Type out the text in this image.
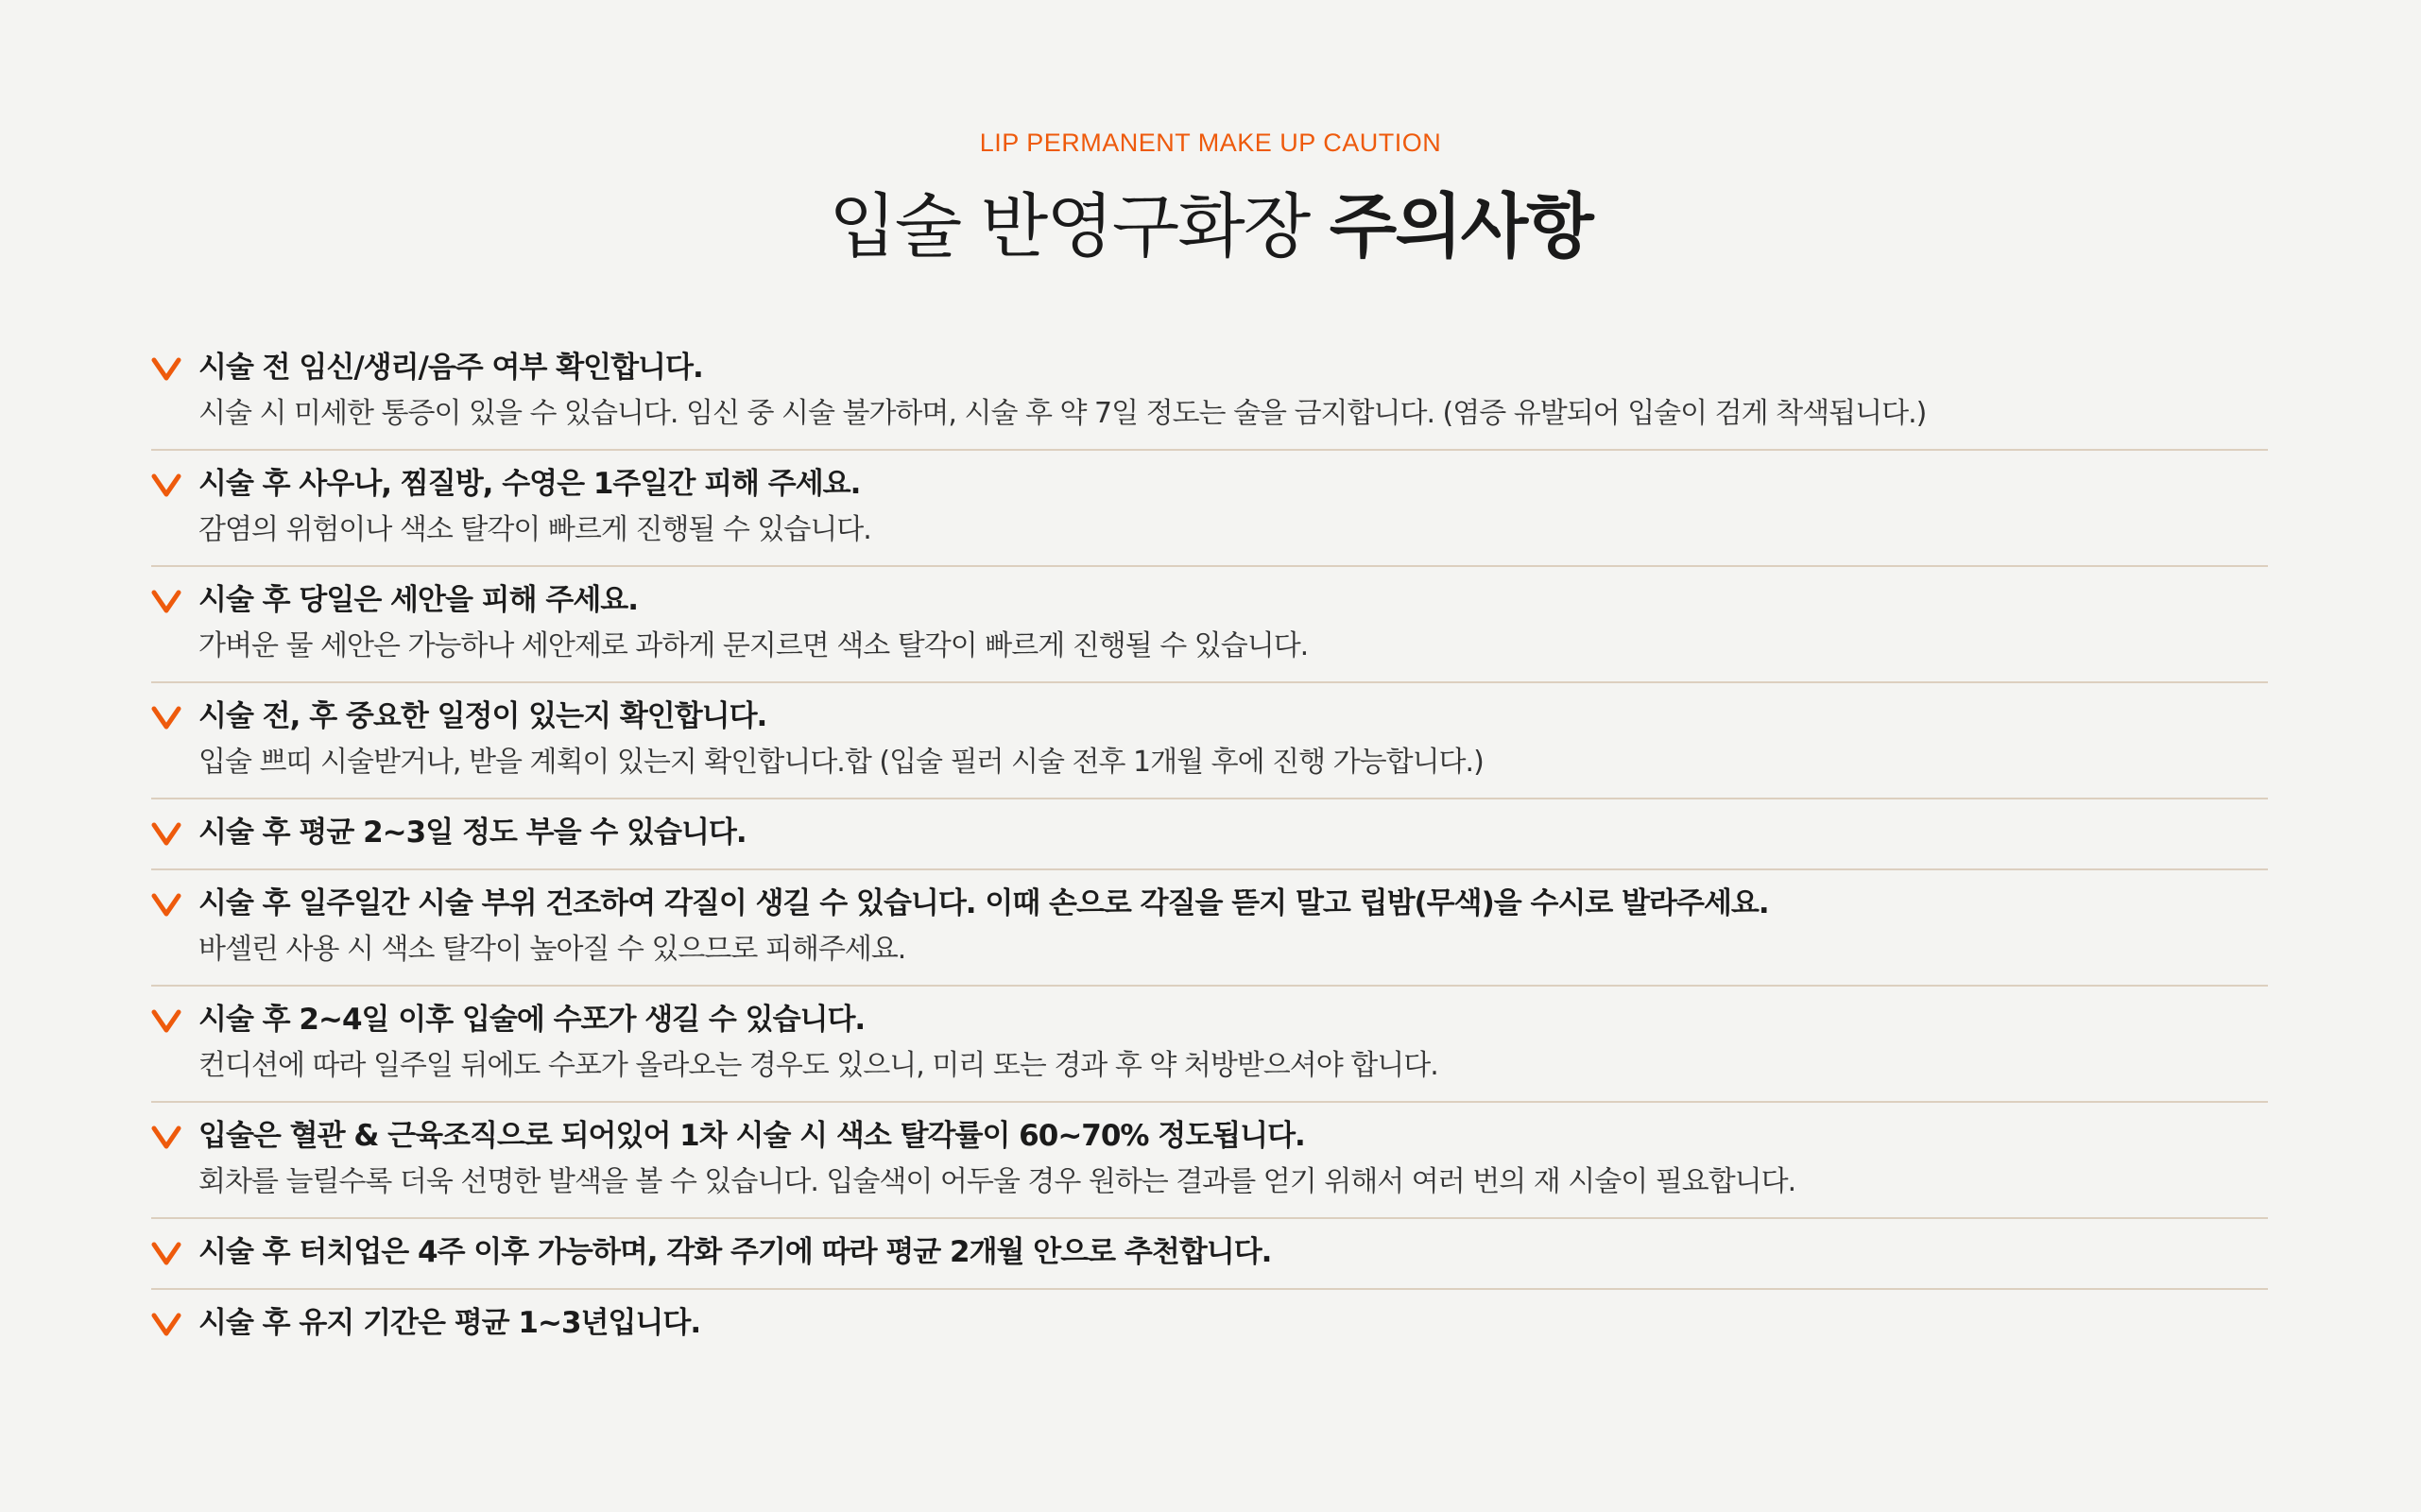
LIP PERMANENT MAKE UP CAUTION
입술 반영구화장 주의사항
시술 전 임신/생리/음주 여부 확인합니다.
시술 시 미세한 통증이 있을 수 있습니다. 임신 중 시술 불가하며, 시술 후 약 7일 정도는 술을 금지합니다. (염증 유발되어 입술이 검게 착색됩니다.)
시술 후 사우나, 찜질방, 수영은 1주일간 피해 주세요.
감염의 위험이나 색소 탈각이 빠르게 진행될 수 있습니다.
시술 후 당일은 세안을 피해 주세요.
가벼운 물 세안은 가능하나 세안제로 과하게 문지르면 색소 탈각이 빠르게 진행될 수 있습니다.
시술 전, 후 중요한 일정이 있는지 확인합니다.
입술 쁘띠 시술받거나, 받을 계획이 있는지 확인합니다.합 (입술 필러 시술 전후 1개월 후에 진행 가능합니다.)
시술 후 평균 2~3일 정도 부을 수 있습니다.
시술 후 일주일간 시술 부위 건조하여 각질이 생길 수 있습니다. 이때 손으로 각질을 뜯지 말고 립밤(무색)을 수시로 발라주세요.
바셀린 사용 시 색소 탈각이 높아질 수 있으므로 피해주세요.
시술 후 2~4일 이후 입술에 수포가 생길 수 있습니다.
컨디션에 따라 일주일 뒤에도 수포가 올라오는 경우도 있으니, 미리 또는 경과 후 약 처방받으셔야 합니다.
입술은 혈관 & 근육조직으로 되어있어 1차 시술 시 색소 탈각률이 60~70% 정도됩니다.
회차를 늘릴수록 더욱 선명한 발색을 볼 수 있습니다. 입술색이 어두울 경우 원하는 결과를 얻기 위해서 여러 번의 재 시술이 필요합니다.
시술 후 터치업은 4주 이후 가능하며, 각화 주기에 따라 평균 2개월 안으로 추천합니다.
시술 후 유지 기간은 평균 1~3년입니다.
